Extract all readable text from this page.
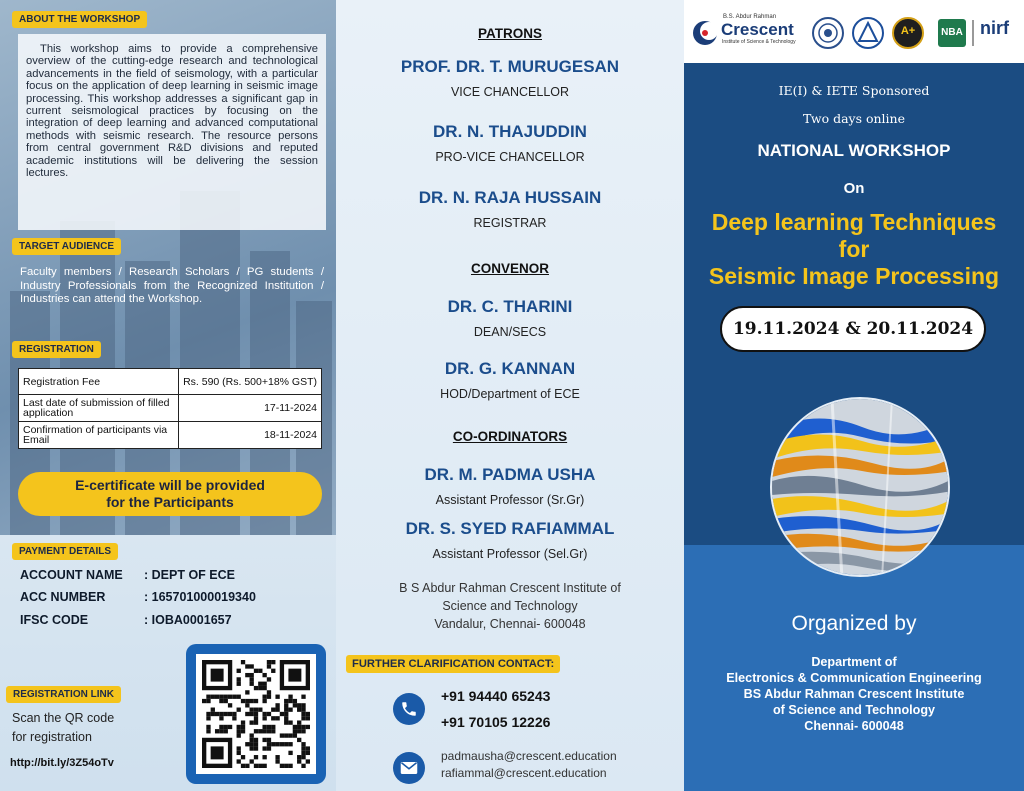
ABOUT THE WORKSHOP
This workshop aims to provide a comprehensive overview of the cutting-edge research and technological advancements in the field of seismology, with a particular focus on the application of deep learning in seismic image processing. This workshop addresses a significant gap in current seismological practices by focusing on the integration of deep learning and advanced computational methods with seismic research. The resource persons from central government R&D divisions and reputed academic institutions will be delivering the session lectures.
TARGET AUDIENCE
Faculty members / Research Scholars / PG students / Industry Professionals from the Recognized Institution / Industries can attend the Workshop.
REGISTRATION
Registration Fee	Rs. 590 (Rs. 500+18% GST)
Last date of submission of filled application	17-11-2024
Confirmation of participants via Email	18-11-2024
E-certificate will be provided
for the Participants
PAYMENT DETAILS
ACCOUNT NAME : DEPT OF ECE
ACC NUMBER	: 165701000019340
IFSC CODE	: IOBA0001657
REGISTRATION LINK
Scan the QR code
for registration
http://bit.ly/3Z54oTv
PATRONS
PROF. DR. T. MURUGESAN
VICE CHANCELLOR
DR. N. THAJUDDIN
PRO-VICE CHANCELLOR
DR. N. RAJA HUSSAIN
REGISTRAR
CONVENOR
DR. C. THARINI
DEAN/SECS
DR. G. KANNAN
HOD/Department of ECE
CO-ORDINATORS
DR. M. PADMA USHA
Assistant Professor (Sr.Gr)
DR. S. SYED RAFIAMMAL
Assistant Professor (Sel.Gr)
B S Abdur Rahman Crescent Institute of
Science and Technology
Vandalur, Chennai- 600048
FURTHER CLARIFICATION CONTACT:
+91 94440 65243
+91 70105 12226
padmausha@crescent.education
rafiammal@crescent.education
B.S. Abdur Rahman
Crescent
Institute of Science & Technology
A+	NBA nirf
IE(I) & IETE Sponsored
Two days online
NATIONAL WORKSHOP
On
Deep learning Techniques
for
Seismic Image Processing
19.11.2024 & 20.11.2024
Organized by
Department of
Electronics & Communication Engineering
BS Abdur Rahman Crescent Institute
of Science and Technology
Chennai- 600048
